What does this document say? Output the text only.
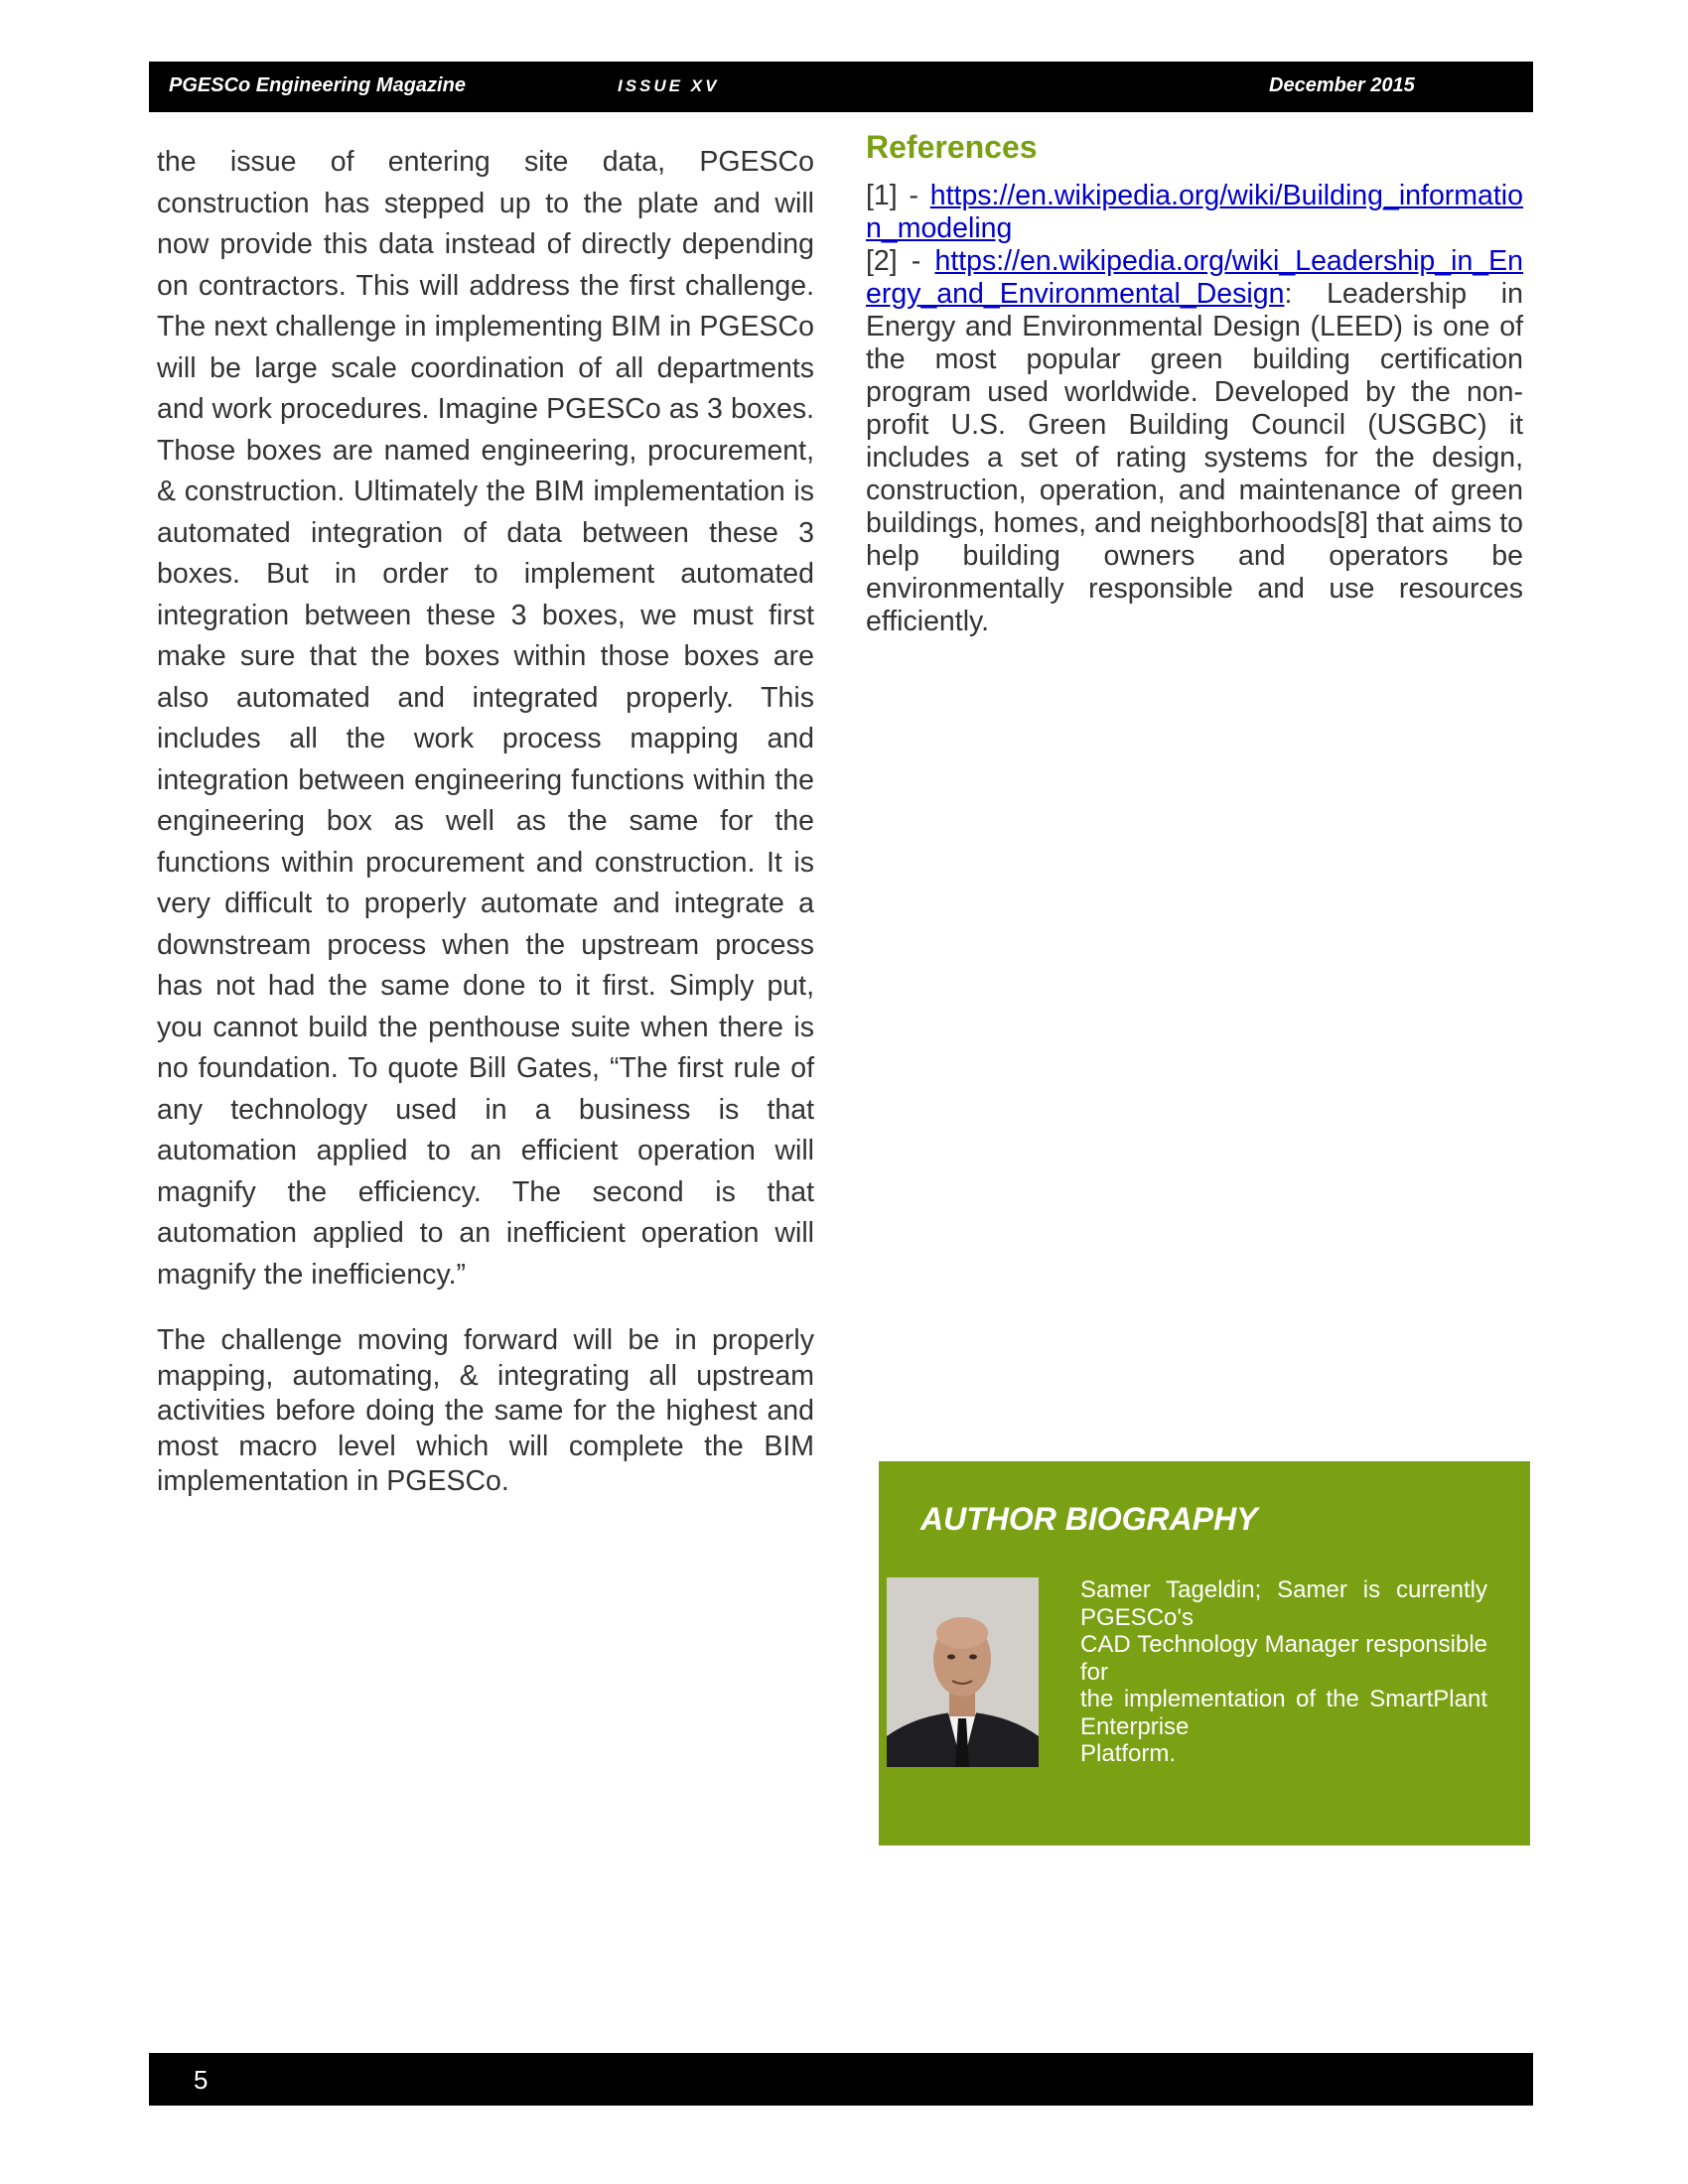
PGESCo Engineering Magazine	ISSUE XV	December 2015

the issue of entering site data, PGESCo construction has stepped up to the plate and will now provide this data instead of directly depending on contractors. This will address the first challenge. The next challenge in implementing BIM in PGESCo will be large scale coordination of all departments and work procedures. Imagine PGESCo as 3 boxes. Those boxes are named engineering, procurement, & construction. Ultimately the BIM implementation is automated integration of data between these 3 boxes. But in order to implement automated integration between these 3 boxes, we must first make sure that the boxes within those boxes are also automated and integrated properly. This includes all the work process mapping and integration between engineering functions within the engineering box as well as the same for the functions within procurement and construction. It is very difficult to properly automate and integrate a downstream process when the upstream process has not had the same done to it first. Simply put, you cannot build the penthouse suite when there is no foundation. To quote Bill Gates, “The first rule of any technology used in a business is that automation applied to an efficient operation will magnify the efficiency. The second is that automation applied to an inefficient operation will magnify the inefficiency.”

The challenge moving forward will be in properly mapping, automating, & integrating all upstream activities before doing the same for the highest and most macro level which will complete the BIM implementation in PGESCo.

References

[1] - https://en.wikipedia.org/wiki/Building_information_modeling
[2] - https://en.wikipedia.org/wiki_Leadership_in_Energy_and_Environmental_Design: Leadership in Energy and Environmental Design (LEED) is one of the most popular green building certification program used worldwide. Developed by the non-profit U.S. Green Building Council (USGBC) it includes a set of rating systems for the design, construction, operation, and maintenance of green buildings, homes, and neighborhoods[8] that aims to help building owners and operators be environmentally responsible and use resources efficiently.

AUTHOR BIOGRAPHY

Samer Tageldin; Samer is currently PGESCo's
CAD Technology Manager responsible for
the implementation of the SmartPlant Enterprise
Platform.

5
